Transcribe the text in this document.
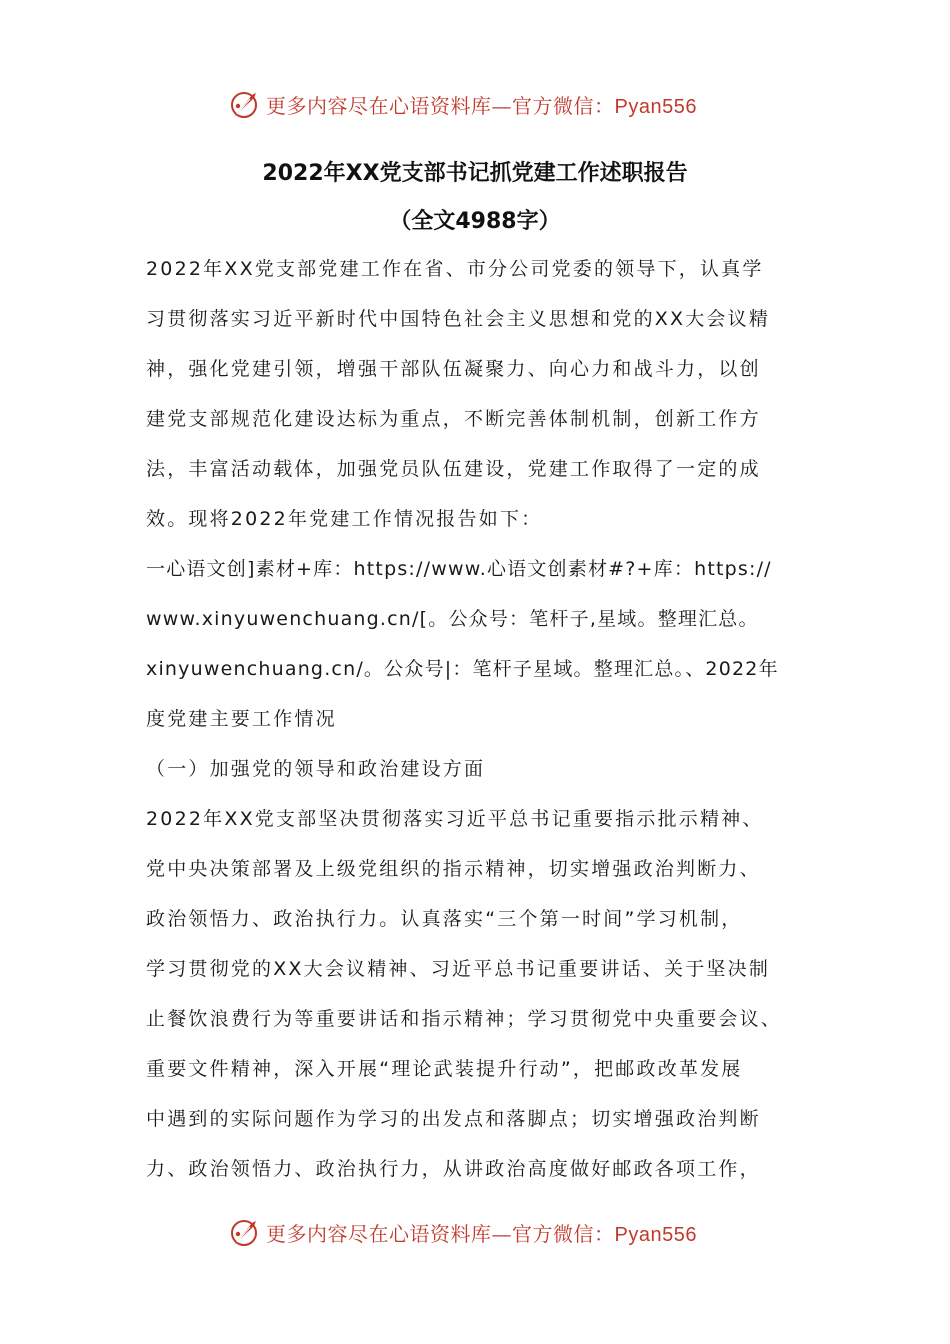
更多内容尽在心语资料库—官方微信：Pyan556
2022年XX党支部书记抓党建工作述职报告
（全文4988字）
2022年XX党支部党建工作在省、市分公司党委的领导下，认真学
习贯彻落实习近平新时代中国特色社会主义思想和党的XX大会议精
神，强化党建引领，增强干部队伍凝聚力、向心力和战斗力，以创
建党支部规范化建设达标为重点，不断完善体制机制，创新工作方
法，丰富活动载体，加强党员队伍建设，党建工作取得了一定的成
效。现将2022年党建工作情况报告如下：
一心语文创]素材+库：https://www.心语文创素材#?+库：https://
www.xinyuwenchuang.cn/[。公众号：笔杆子,星域。整理汇总。
xinyuwenchuang.cn/。公众号|：笔杆子星域。整理汇总。、2022年
度党建主要工作情况
（一）加强党的领导和政治建设方面
2022年XX党支部坚决贯彻落实习近平总书记重要指示批示精神、
党中央决策部署及上级党组织的指示精神，切实增强政治判断力、
政治领悟力、政治执行力。认真落实“三个第一时间”学习机制，
学习贯彻党的XX大会议精神、习近平总书记重要讲话、关于坚决制
止餐饮浪费行为等重要讲话和指示精神；学习贯彻党中央重要会议、
重要文件精神，深入开展“理论武装提升行动”，把邮政改革发展
中遇到的实际问题作为学习的出发点和落脚点；切实增强政治判断
力、政治领悟力、政治执行力，从讲政治高度做好邮政各项工作，
更多内容尽在心语资料库—官方微信：Pyan556
